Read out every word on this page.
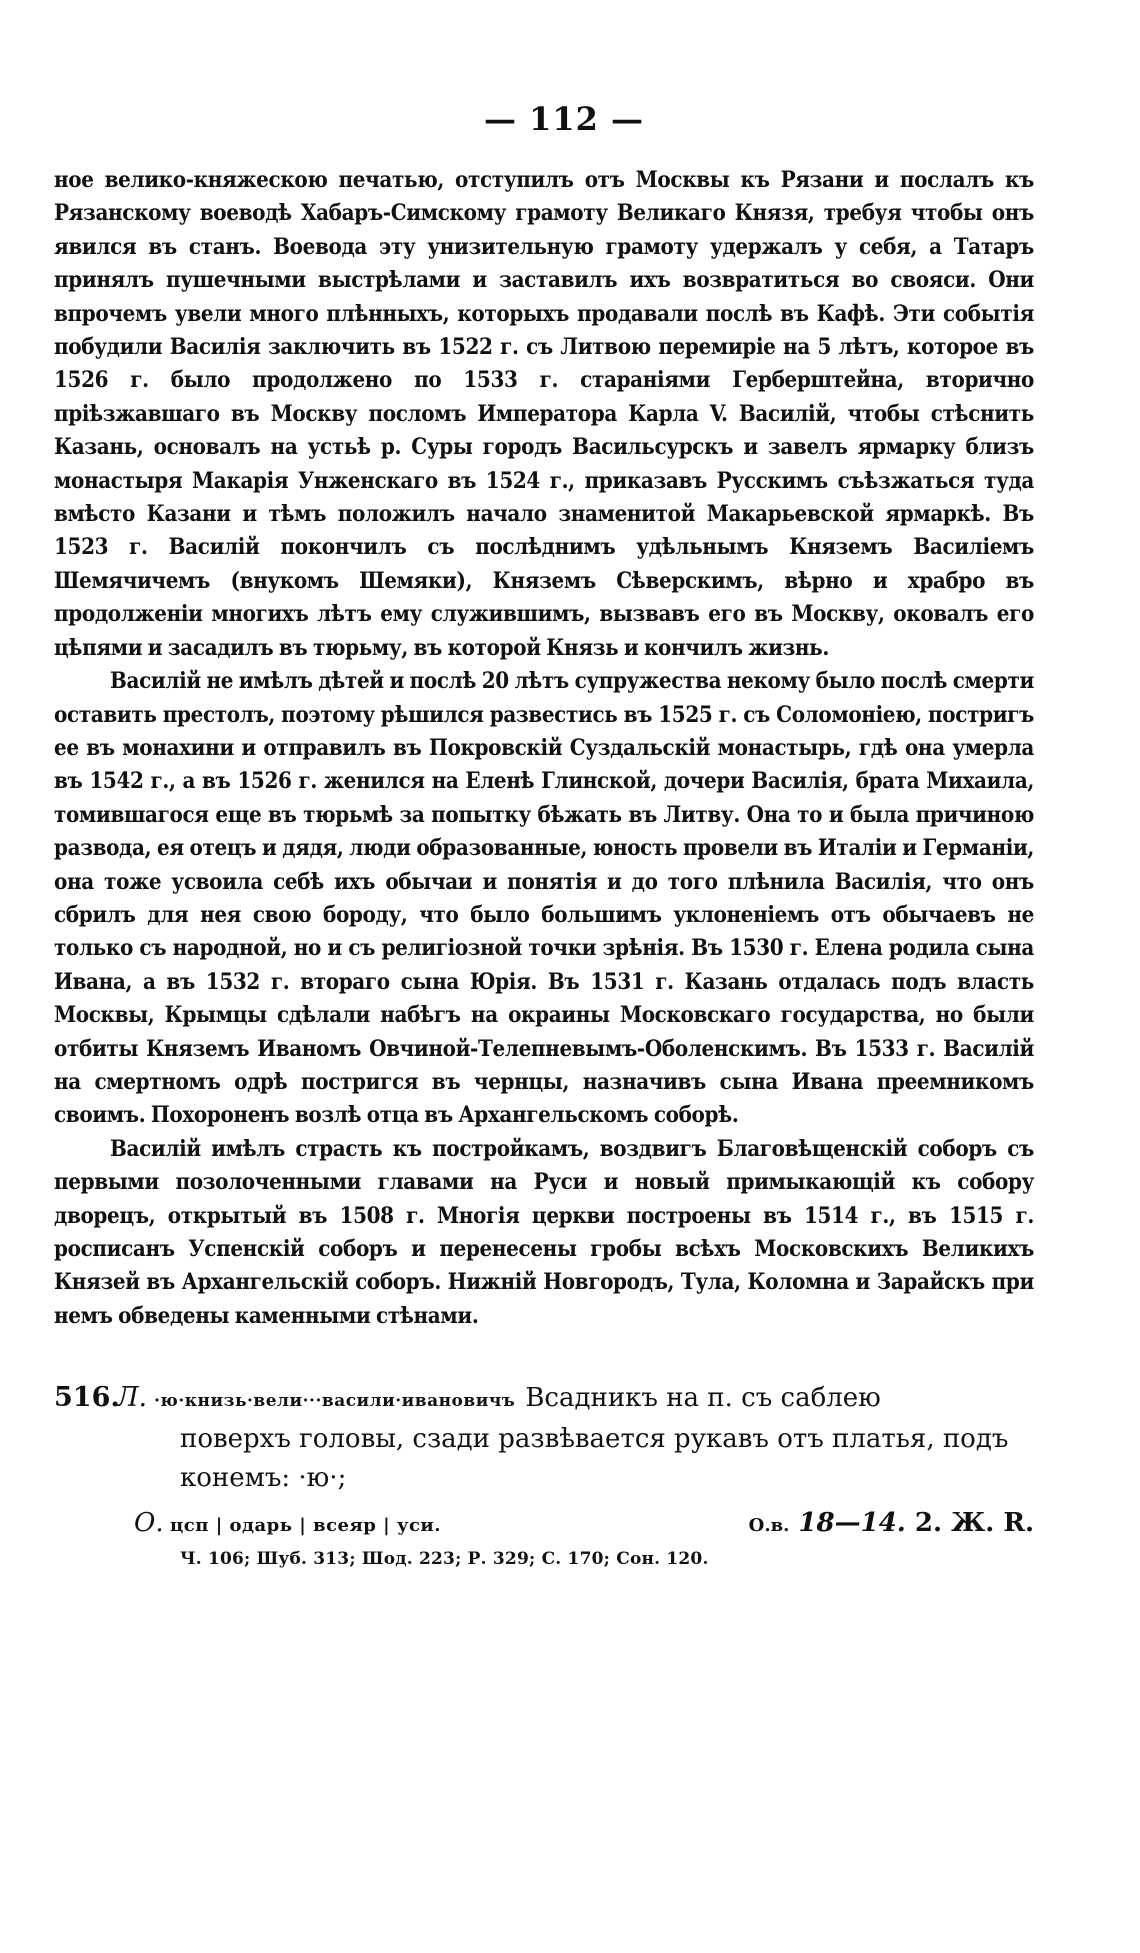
— 112 —

ное велико-княжескою печатью, отступилъ отъ Москвы къ Рязани и послалъ къ Рязанскому воеводѣ Хабаръ-Симскому грамоту Великаго Князя, требуя чтобы онъ явился въ станъ. Воевода эту унизительную грамоту удержалъ у себя, а Татаръ принялъ пушечными выстрѣлами и заставилъ ихъ возвратиться во свояси. Они впрочемъ увели много плѣнныхъ, которыхъ продавали послѣ въ Кафѣ. Эти событія побудили Василія заключить въ 1522 г. съ Литвою перемиріе на 5 лѣтъ, которое въ 1526 г. было продолжено по 1533 г. стараніями Герберштейна, вторично пріѣзжавшаго въ Москву посломъ Императора Карла V. Василій, чтобы стѣснить Казань, основалъ на устьѣ р. Суры городъ Васильсурскъ и завелъ ярмарку близъ монастыря Макарія Унженскаго въ 1524 г., приказавъ Русскимъ съѣзжаться туда вмѣсто Казани и тѣмъ положилъ начало знаменитой Макарьевской ярмаркѣ. Въ 1523 г. Василій покончилъ съ послѣднимъ удѣльнымъ Княземъ Василіемъ Шемячичемъ (внукомъ Шемяки), Княземъ Сѣверскимъ, вѣрно и храбро въ продолженіи многихъ лѣтъ ему служившимъ, вызвавъ его въ Москву, оковалъ его цѣпями и засадилъ въ тюрьму, въ которой Князь и кончилъ жизнь.

Василій не имѣлъ дѣтей и послѣ 20 лѣтъ супружества некому было послѣ смерти оставить престолъ, поэтому рѣшился развестись въ 1525 г. съ Соломоніею, постригъ ее въ монахини и отправилъ въ Покровскій Суздальскій монастырь, гдѣ она умерла въ 1542 г., а въ 1526 г. женился на Еленѣ Глинской, дочери Василія, брата Михаила, томившагося еще въ тюрьмѣ за попытку бѣжать въ Литву. Она то и была причиною развода, ея отецъ и дядя, люди образованные, юность провели въ Италіи и Германіи, она тоже усвоила себѣ ихъ обычаи и понятія и до того плѣнила Василія, что онъ сбрилъ для нея свою бороду, что было большимъ уклоненіемъ отъ обычаевъ не только съ народной, но и съ религіозной точки зрѣнія. Въ 1530 г. Елена родила сына Ивана, а въ 1532 г. втораго сына Юрія. Въ 1531 г. Казань отдалась подъ власть Москвы, Крымцы сдѣлали набѣгъ на окраины Московскаго государства, но были отбиты Княземъ Иваномъ Овчиной-Телепневымъ-Оболенскимъ. Въ 1533 г. Василій на смертномъ одрѣ постригся въ чернцы, назначивъ сына Ивана преемникомъ своимъ. Похороненъ возлѣ отца въ Архангельскомъ соборѣ.

Василій имѣлъ страсть къ постройкамъ, воздвигъ Благовѣщенскій соборъ съ первыми позолоченными главами на Руси и новый примыкающій къ собору дворецъ, открытый въ 1508 г. Многія церкви построены въ 1514 г., въ 1515 г. росписанъ Успенскій соборъ и перенесены гробы всѣхъ Московскихъ Великихъ Князей въ Архангельскій соборъ. Нижній Новгородъ, Тула, Коломна и Зарайскъ при немъ обведены каменными стѣнами.

516.
Л. ·ю·книзь·вели···васили·ивановичъ Всадникъ на п. съ саблею
поверхъ головы, сзади развѣвается рукавъ отъ платья, подъ конемъ: ·ю·;
О. цсп | одарь | всеяр | уси.	О.в. 18—14. 2. Ж. R.
Ч. 106; Шуб. 313; Шод. 223; Р. 329; С. 170; Сон. 120.
